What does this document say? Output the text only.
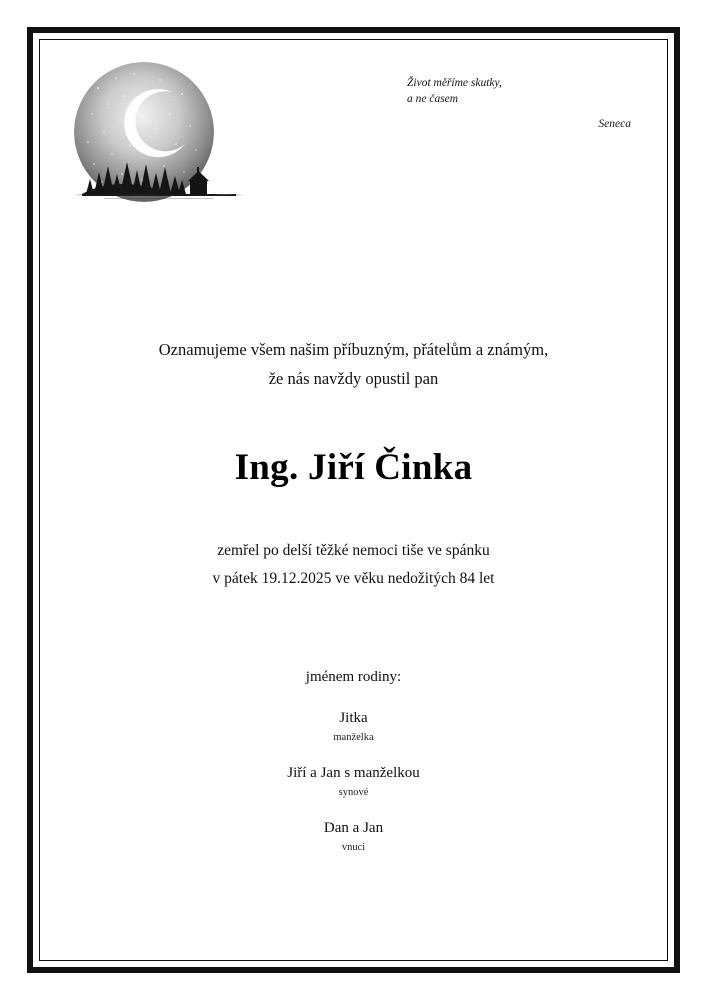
Život měříme skutky,
a ne časem
Seneca
Oznamujeme všem našim příbuzným, přátelům a známým,
že nás navždy opustil pan
Ing. Jiří Činka
zemřel po delší těžké nemoci tiše ve spánku
v pátek 19.12.2025 ve věku nedožitých 84 let
jménem rodiny:
Jitka
manželka
Jiří a Jan s manželkou
synové
Dan a Jan
vnuci
